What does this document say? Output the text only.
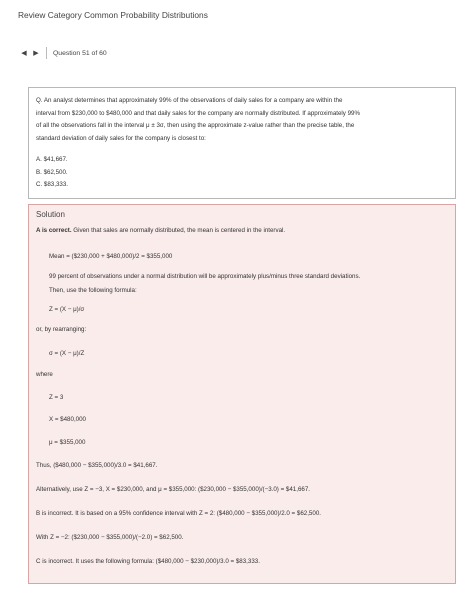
Review Category Common Probability Distributions
◀ ▶	Question 51 of 60
Q. An analyst determines that approximately 99% of the observations of daily sales for a company are within the
interval from $230,000 to $480,000 and that daily sales for the company are normally distributed. If approximately 99%
of all the observations fall in the interval μ ± 3σ, then using the approximate z-value rather than the precise table, the
standard deviation of daily sales for the company is closest to:
A. $41,667.
B. $62,500.
C. $83,333.
Solution
A is correct. Given that sales are normally distributed, the mean is centered in the interval.
Mean = ($230,000 + $480,000)/2 = $355,000
99 percent of observations under a normal distribution will be approximately plus/minus three standard deviations.
Then, use the following formula:
Z = (X − μ)/σ
or, by rearranging:
σ = (X − μ)/Z
where
Z = 3
X = $480,000
μ = $355,000
Thus, ($480,000 − $355,000)/3.0 = $41,667.
Alternatively, use Z = −3, X = $230,000, and μ = $355,000: ($230,000 − $355,000)/(−3.0) = $41,667.
B is incorrect. It is based on a 95% confidence interval with Z = 2: ($480,000 − $355,000)/2.0 = $62,500.
With Z = −2: ($230,000 − $355,000)/(−2.0) = $62,500.
C is incorrect. It uses the following formula: ($480,000 − $230,000)/3.0 = $83,333.
